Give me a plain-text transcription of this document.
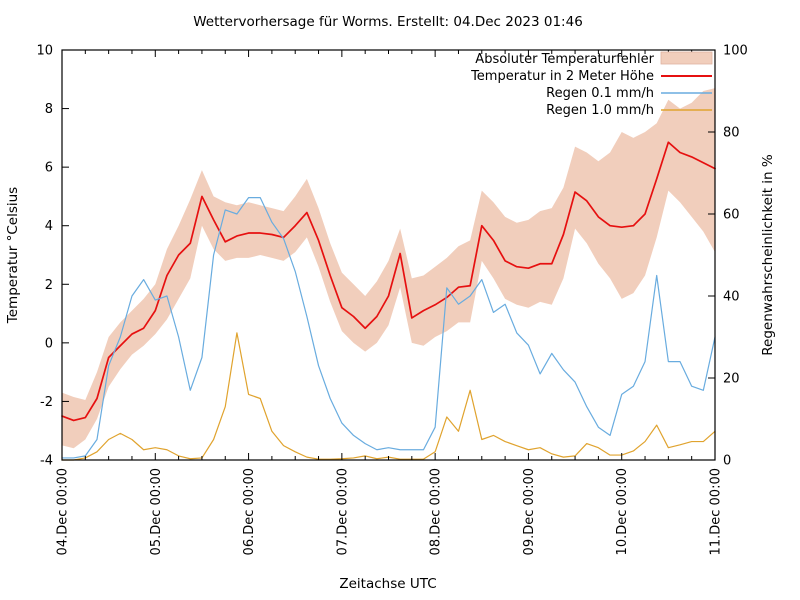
Wettervorhersage für Worms. Erstellt: 04.Dec 2023 01:46
Temperatur °Celsius	Regenwahrscheinlichkeit in %
Zeitachse UTC
04.Dec 00:00	05.Dec 00:00	06.Dec 00:00	07.Dec 00:00	08.Dec 00:00	09.Dec 00:00	10.Dec 00:00	11.Dec 00:00
-4
-2
0
2
4
6
8
10
0
20
40
60
80
100
Absoluter Temperaturfehler
Temperatur in 2 Meter Höhe
Regen 0.1 mm/h
Regen 1.0 mm/h
